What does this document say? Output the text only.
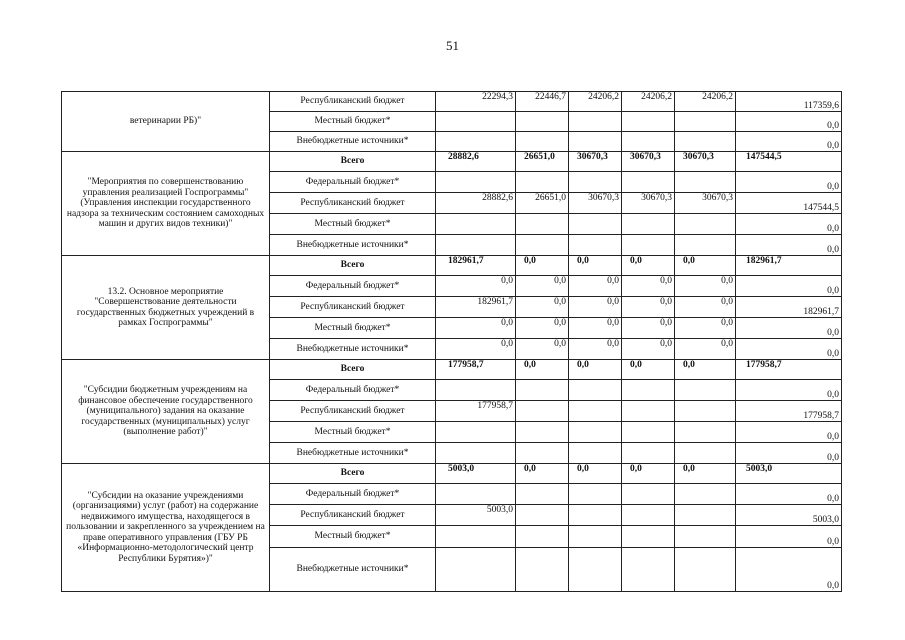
51
ветеринарии РБ)"	Республиканский бюджет	22294,3	22446,7	24206,2	24206,2	24206,2	117359,6
	Местный бюджет*						0,0
	Внебюджетные источники*						0,0
"Мероприятия по совершенствованию управления реализацией Госпрограммы" (Управления инспекции государственного надзора за техническим состоянием самоходных машин и других видов техники)"	Всего	28882,6	26651,0	30670,3	30670,3	30670,3	147544,5
	Федеральный бюджет*						0,0
	Республиканский бюджет	28882,6	26651,0	30670,3	30670,3	30670,3	147544,5
	Местный бюджет*						0,0
	Внебюджетные источники*						0,0
13.2. Основное мероприятие "Совершенствование деятельности государственных бюджетных учреждений в рамках Госпрограммы"	Всего	182961,7	0,0	0,0	0,0	0,0	182961,7
	Федеральный бюджет*	0,0	0,0	0,0	0,0	0,0	0,0
	Республиканский бюджет	182961,7	0,0	0,0	0,0	0,0	182961,7
	Местный бюджет*	0,0	0,0	0,0	0,0	0,0	0,0
	Внебюджетные источники*	0,0	0,0	0,0	0,0	0,0	0,0
"Субсидии бюджетным учреждениям на финансовое обеспечение государственного (муниципального) задания на оказание государственных (муниципальных) услуг (выполнение работ)"	Всего	177958,7	0,0	0,0	0,0	0,0	177958,7
	Федеральный бюджет*						0,0
	Республиканский бюджет	177958,7					177958,7
	Местный бюджет*						0,0
	Внебюджетные источники*						0,0
"Субсидии на оказание учреждениями (организациями) услуг (работ) на содержание недвижимого имущества, находящегося в пользовании и закрепленного за учреждением на праве оперативного управления (ГБУ РБ «Информационно-методологический центр Республики Бурятия»)"	Всего	5003,0	0,0	0,0	0,0	0,0	5003,0
	Федеральный бюджет*						0,0
	Республиканский бюджет	5003,0					5003,0
	Местный бюджет*						0,0
	Внебюджетные источники*						0,0
